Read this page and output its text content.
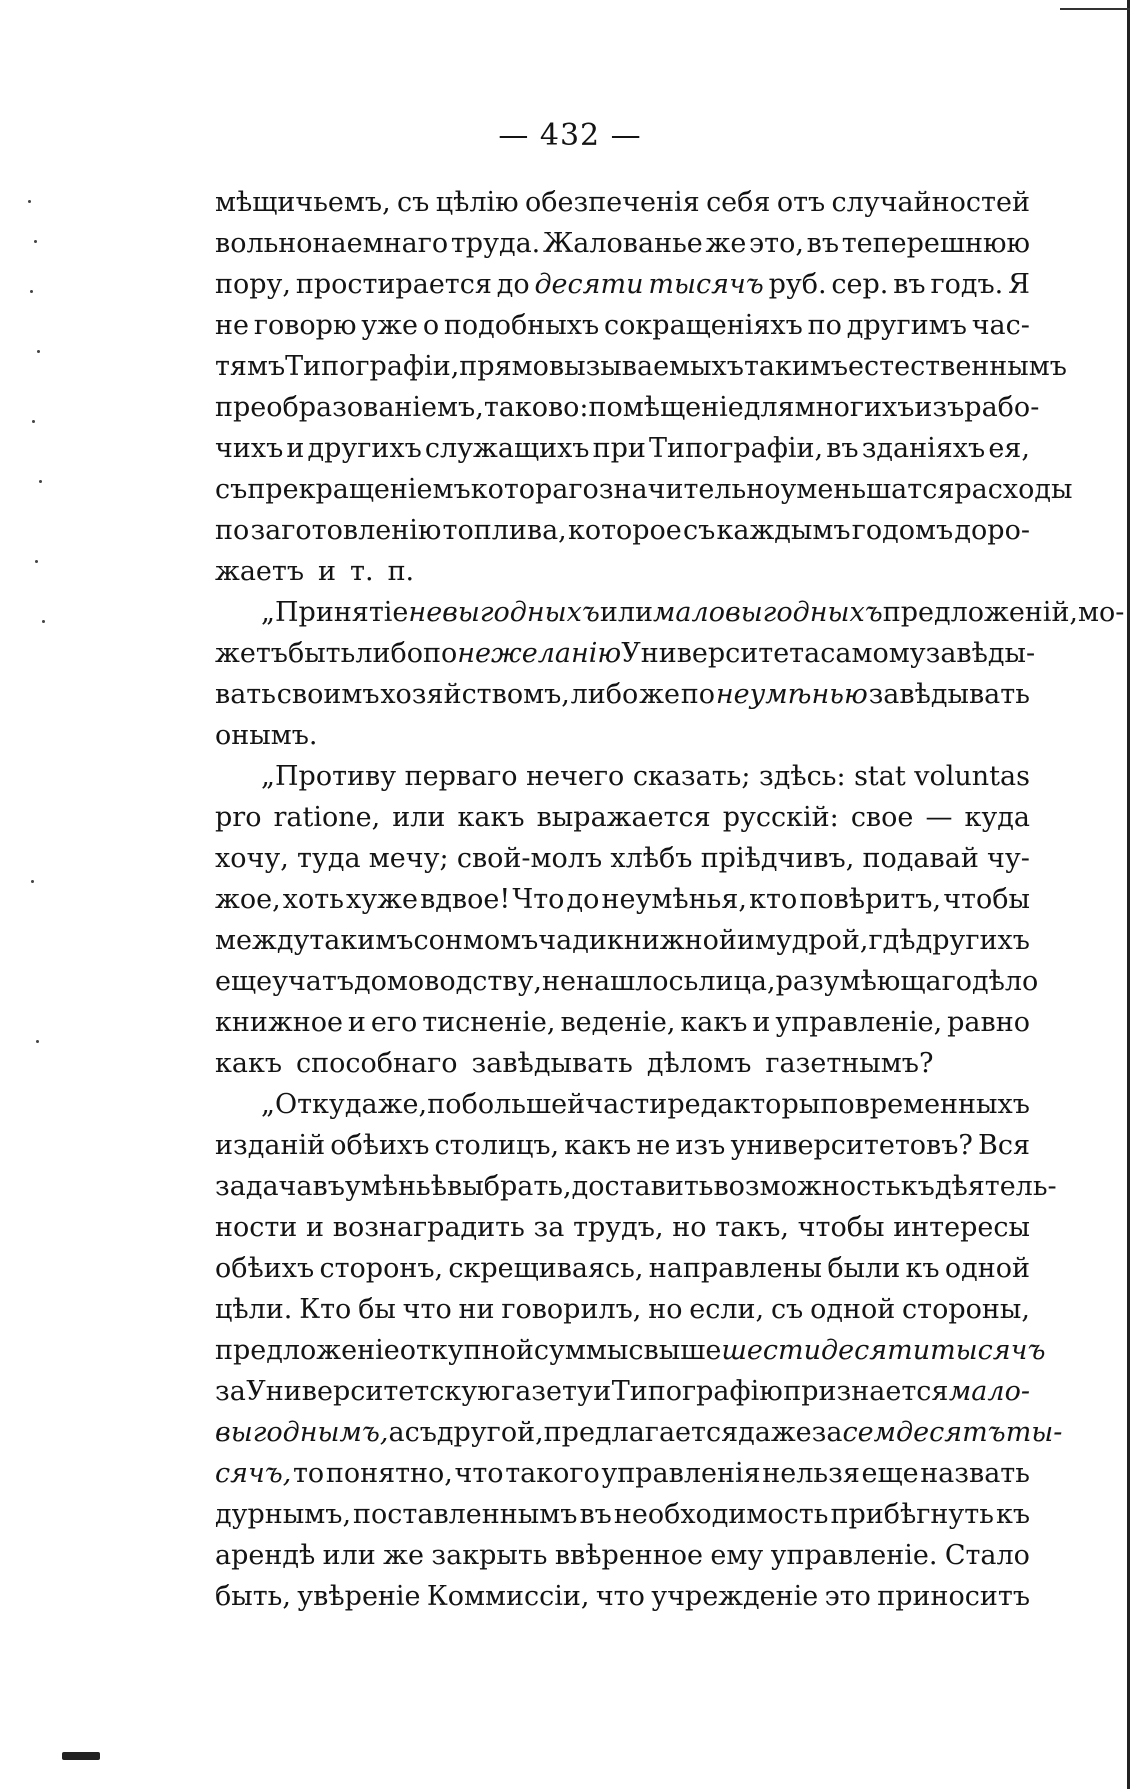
— 432 —
мѣщичьемъ, съ цѣлію обезпеченія себя отъ случайностей
вольнонаемнаго труда. Жалованье же это, въ теперешнюю
пору, простирается до десяти тысячъ руб. сер. въ годъ. Я
не говорю уже о подобныхъ сокращеніяхъ по другимъ час-
тямъ Типографіи, прямо вызываемыхъ такимъ естественнымъ
преобразованіемъ, таково: помѣщеніе для многихъ изъ рабо-
чихъ и другихъ служащихъ при Типографіи, въ зданіяхъ ея,
съ прекращеніемъ котораго значительно уменьшатся расходы
по заготовленію топлива, которое съ каждымъ годомъ доро-
жаетъ и т. п.
„Принятіе невыгодныхъ или маловыгодныхъ предложеній, мо-
жетъ быть либо по нежеланію Университета самому завѣды-
вать своимъ хозяйствомъ, либо же по неумѣнью завѣдывать
онымъ.
„Противу перваго нечего сказать; здѣсь: stat voluntas
pro ratione, или какъ выражается русскій: свое — куда
хочу, туда мечу; свой-молъ хлѣбъ пріѣдчивъ, подавай чу-
жое, хоть хуже вдвое! Что до неумѣнья, кто повѣритъ, чтобы
между такимъ сонмомъ чади книжной и мудрой, гдѣ другихъ
еще учатъ домоводству, не нашлось лица, разумѣющаго дѣло
книжное и его тисненіе, веденіе, какъ и управленіе, равно
какъ способнаго завѣдывать дѣломъ газетнымъ?
„Откуда же, по большей части редакторы повременныхъ
изданій обѣихъ столицъ, какъ не изъ университетовъ? Вся
задача въ умѣньѣ выбрать, доставить возможность къ дѣятель-
ности и вознаградить за трудъ, но такъ, чтобы интересы
обѣихъ сторонъ, скрещиваясь, направлены были къ одной
цѣли. Кто бы что ни говорилъ, но если, съ одной стороны,
предложеніе откупной суммы свыше шестидесяти тысячъ
за Университетскую газету и Типографію признается мало-
выгоднымъ, а съ другой, предлагается даже за семдесятъ ты-
сячъ, то понятно, что такого управленія нельзя еще назвать
дурнымъ, поставленнымъ въ необходимость прибѣгнуть къ
арендѣ или же закрыть ввѣренное ему управленіе. Стало
быть, увѣреніе Коммиссіи, что учрежденіе это приноситъ
